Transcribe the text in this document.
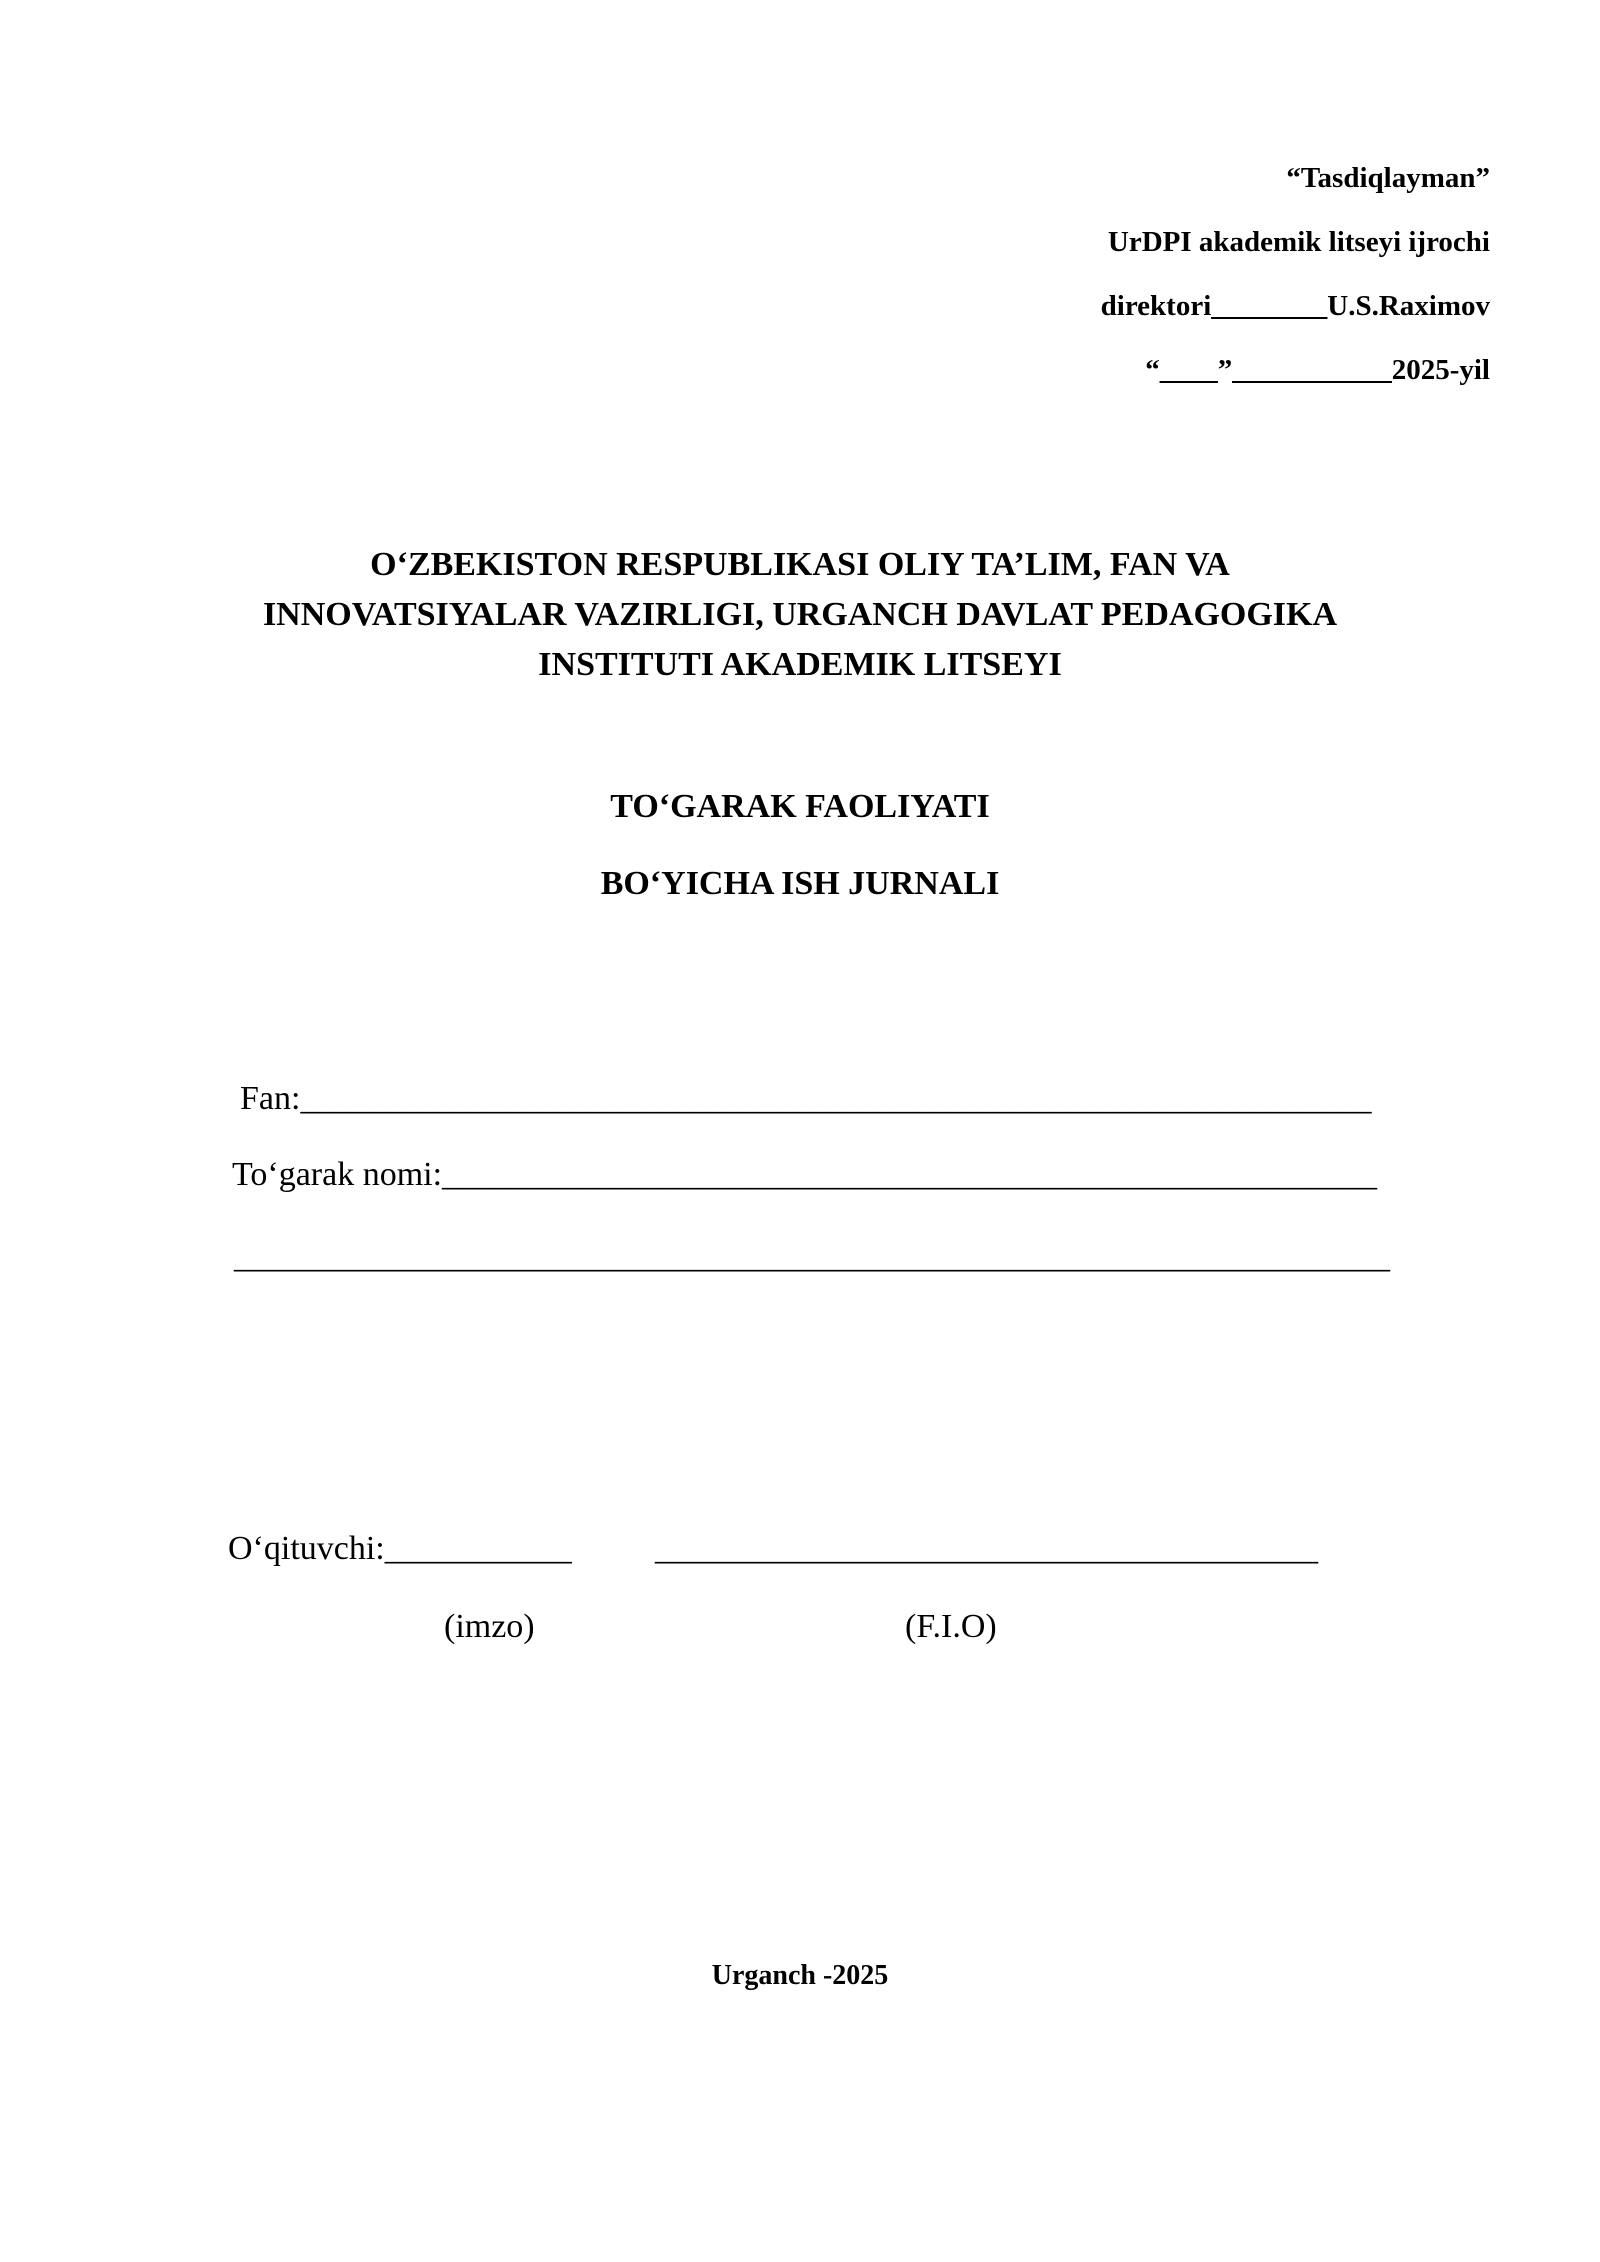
“Tasdiqlayman”
UrDPI akademik litseyi ijrochi
direktori________U.S.Raximov
“____”___________2025-yil
O‘ZBEKISTON RESPUBLIKASI OLIY TA’LIM, FAN VA
INNOVATSIYALAR VAZIRLIGI, URGANCH DAVLAT PEDAGOGIKA
INSTITUTI AKADEMIK LITSEYI
TO‘GARAK FAOLIYATI
BO‘YICHA ISH JURNALI
Fan:_______________________________________________________________
To‘garak nomi:_______________________________________________________
____________________________________________________________________
O‘qituvchi:___________ _______________________________________
(imzo)	(F.I.O)
Urganch -2025
